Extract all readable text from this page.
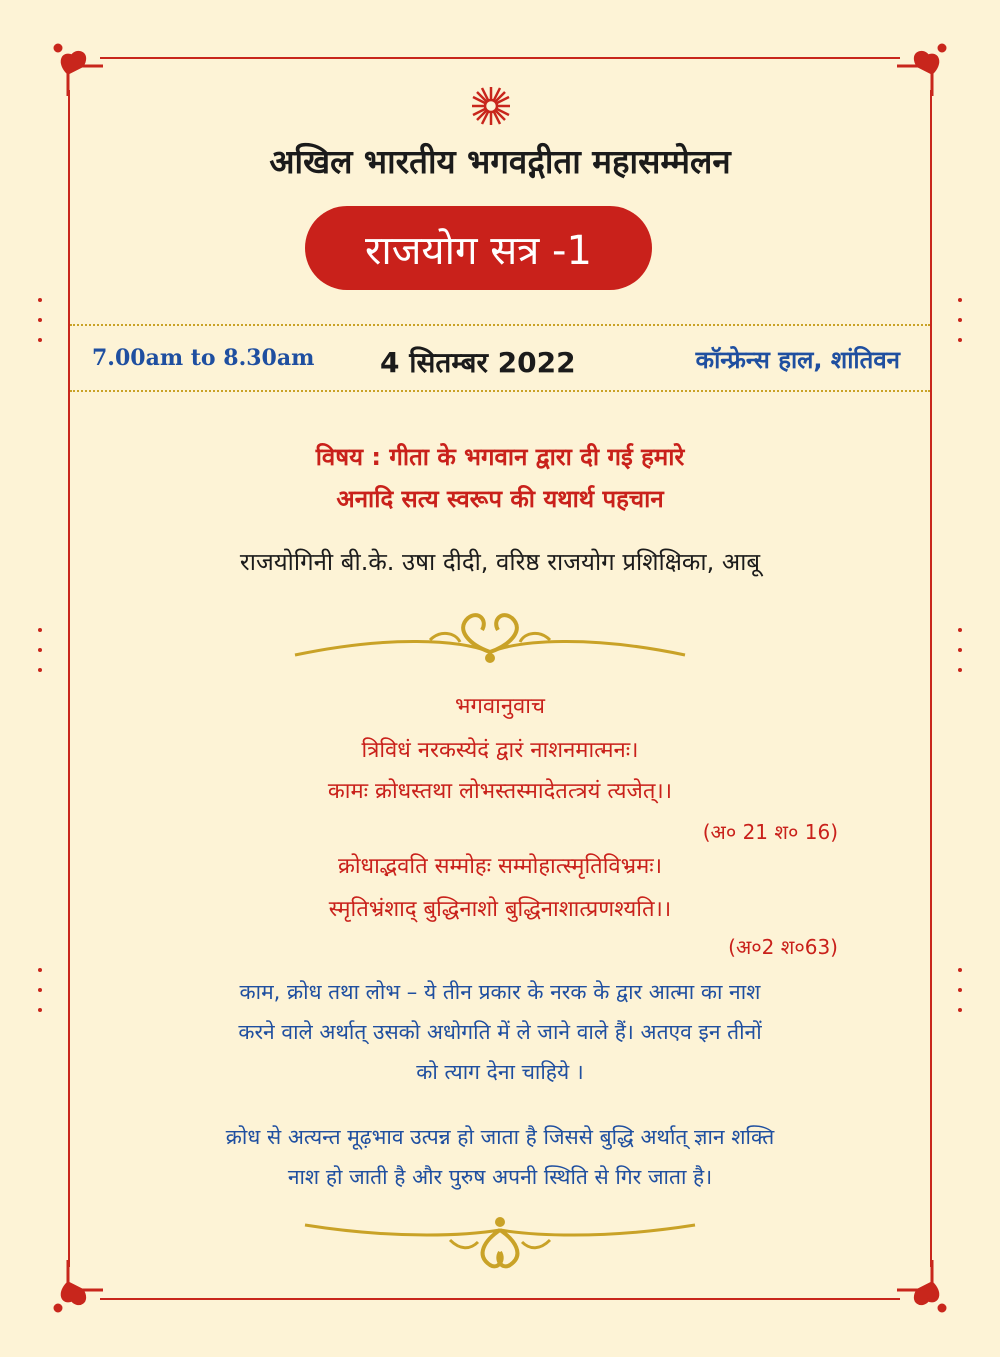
अखिल भारतीय भगवद्गीता महासम्मेलन
राजयोग सत्र -1
7.00am to 8.30am 4 सितम्बर 2022	कॉन्फ्रेन्स हाल, शांतिवन
विषय : गीता के भगवान द्वारा दी गई हमारे
अनादि सत्य स्वरूप की यथार्थ पहचान
राजयोगिनी बी.के. उषा दीदी, वरिष्ठ राजयोग प्रशिक्षिका, आबू
भगवानुवाच
त्रिविधं नरकस्येदं द्वारं नाशनमात्मनः।
कामः क्रोधस्तथा लोभस्तस्मादेतत्त्रयं त्यजेत्।।
(अ० 21 श० 16)
क्रोधाद्भवति सम्मोहः सम्मोहात्स्मृतिविभ्रमः।
स्मृतिभ्रंशाद् बुद्धिनाशो बुद्धिनाशात्प्रणश्यति।।
(अ०2 श०63)
काम, क्रोध तथा लोभ – ये तीन प्रकार के नरक के द्वार आत्मा का नाश
करने वाले अर्थात् उसको अधोगति में ले जाने वाले हैं। अतएव इन तीनों
को त्याग देना चाहिये ।
क्रोध से अत्यन्त मूढ़भाव उत्पन्न हो जाता है जिससे बुद्धि अर्थात् ज्ञान शक्ति
नाश हो जाती है और पुरुष अपनी स्थिति से गिर जाता है।
